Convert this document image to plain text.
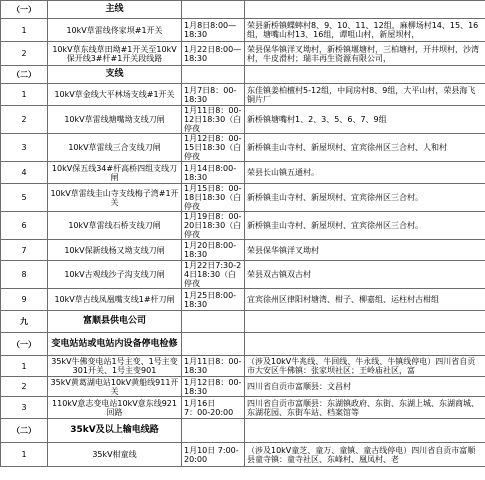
（一）	主线		
1	10kV草雷线佟家坝#1开关	1月8日8:00—
18:30	荣县新桥镇蝶蟀村8、9、10、11、12组，麻柳场村14、15、16组，塘嘴山村13、16组，谭咀山村，新屋坝村，
2	10kV草东线草田坳#1开关至10kV保开线3#杆#1开关段线路	1月22日8:00—
18:30	荣县保华镇洋叉坳村，新桥镇堰塘村，三柏塘村，开井坝村，沙湾村，牛皮滑村；瑞丰再生资源有限公司，
（二）	支线		
1	10kV草金线大平林场支线#1开关	1月7日8：00-
18:30	东佳镇姜柏檀村5-12组，中间房村8、9组，大平山村，荣县海飞铜片厂
2	10kV草雷线塘嘴坳支线刀闸	1月11日8：00-12日18:30（白停夜	新桥镇塘嘴村1、2、3、5、6、7、9组
3	10kV草雷线三合支线刀闸	1月12日8：00-15日18:30（白停夜	新桥镇圭山寺村、新屋坝村、宜宾徐州区三合村、人和村
4	10kV保五线34#杆高桥四组支线刀闸	1月14日8:00-
18:30	荣县长山镇五通村。
5	10kV草雷线圭山寺支线梅子湾#1开关	1月15日8：00-18日18:30（白停夜	新桥镇圭山寺村、新屋坝村、宜宾徐州区三合村。
6	10kV草雷线石桥支线刀闸	1月19日8：00-20日18:30（白停夜	新桥镇圭山寺村、新屋坝村、宜宾徐州区三合村。
7	10kV保新线杨又坳支线刀闸	1月20日8:00-
18:30	荣县保华镇洋叉坳村
8	10kV古观线沙子沟支线刀闸	1月22日7:30-24日18:30（白停夜	荣县双古镇双古村
9	10kV草古线凤凰嘴支线1#杆刀闸	1月25日8:00-
18:30	宜宾徐州区律阳村塘湾、柑子、柳嘉组、运柱村古柑组
九	富顺县供电公司		
（一）	变电站站或电站内设备停电检修		
1	35kV牛佛变电站1号主变、1号主变301开关、1号主变901	1月11日8：00-
18:30	（涉及10kV牛兆线、牛回线、牛永线、牛镇线停电）四川省自贡市大安区牛佛镇：张家坝社区；王岭庙社区，富
2	35kV黄葛湖电站10kV黄船线911开关	1月12日8：00-
18:30	四川省自贡市富顺县：文昌村
3	110kV意志变电站10kV意东线921回路	1月16日
7：00-20:00	四川省自贡市富顺县：东湖镇政府、东街、东湖上城、东湖商城、东湖花园、东街车站、档案馆等
（二）	35kV及以上输电线路		
1	35kV柑童线	1月10日 7:00-
20:00	（涉及10kV童芝、童万、童镇、童古线停电）四川省自贡市富顺县童寺镇：童寺社区、东峰村、凰凤村、老
